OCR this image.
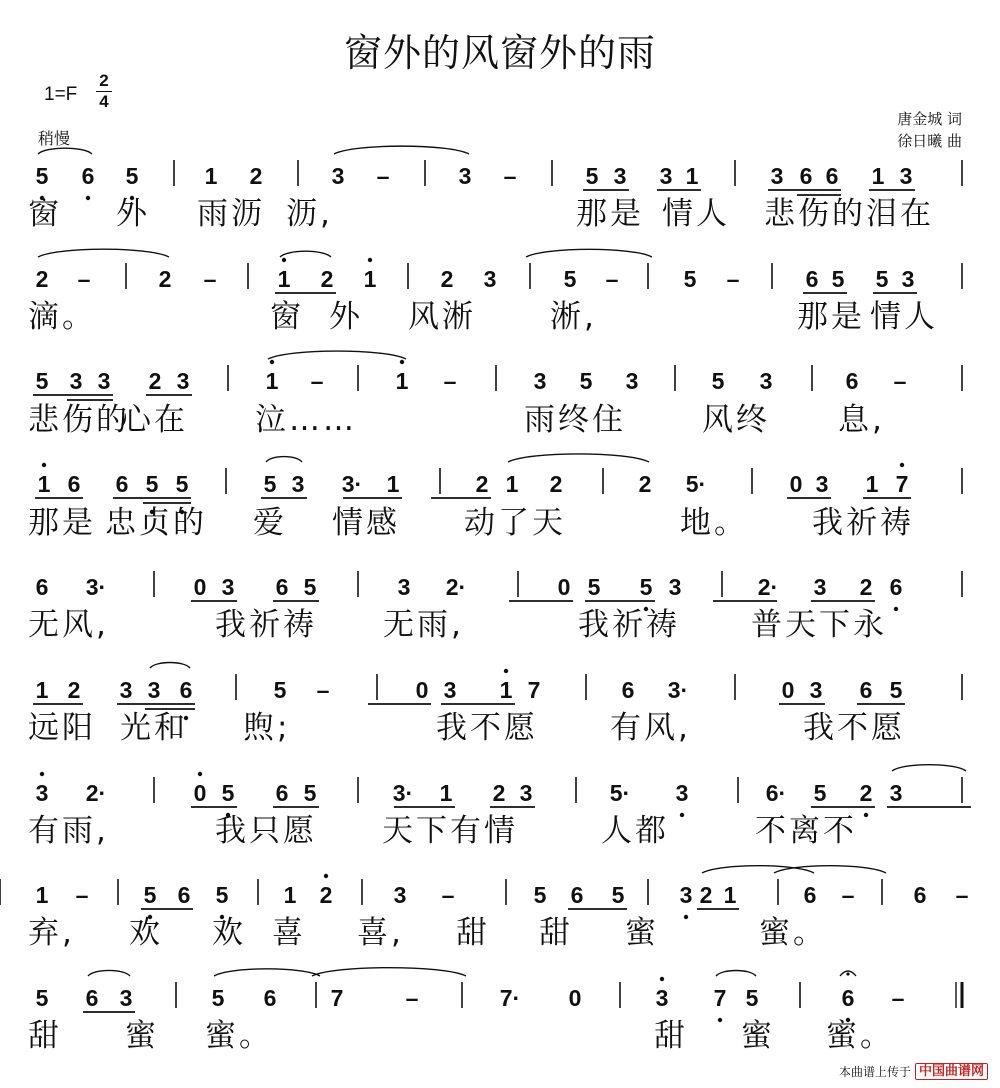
窗外的风窗外的雨
1=F
2
4
稍慢
唐金城 词
徐日曦 曲
5 6 5	1 2	3 –	3 –	5 3 3 1	3 6 6 1 3
2 –	2 –	1 2 1	2 3	5 –	5 –	6 5 5 3
5 3 3 2 3	1 –	1 –	3 5 3	5 3	6 –
1 6 6 5 5	5 3 3· 1	2 1 2	2 5·	0 3 1 7
6 3·	0 3 6 5	3 2·	0 5 5 3	2· 3 2 6
1 2 3 3 6	5 –	0 3 1 7	6 3·	0 3 6 5
3 2·	0 5 6 5	3· 1 2 3	5· 3	6· 5 2 3
1 – 5 6 5 1 2	3 –	5 6 5 3 2 1	6 –	6 –
5 6 3	5 6 7	–	7· 0	3 7 5	6 –
窗 外 雨沥 沥,	那是 情人 悲伤的 泪在
滴。	窗 外 风淅 淅,	那是 情人
悲伤的
心在 泣……	雨终住 风终 息,
那是 忠贞的 爱 情感 动了天	地。 我祈祷
无风,	我祈祷 无雨,	我祈祷 普天下永
远阳 光和 煦;	我不愿 有风,	我不愿
有雨,	我只愿 天下有情	人都	不离不
弃, 欢 欢 喜 喜, 甜 甜 蜜	蜜。
甜 蜜 蜜。	甜 蜜 蜜。
本曲谱上传于 中国曲谱网
